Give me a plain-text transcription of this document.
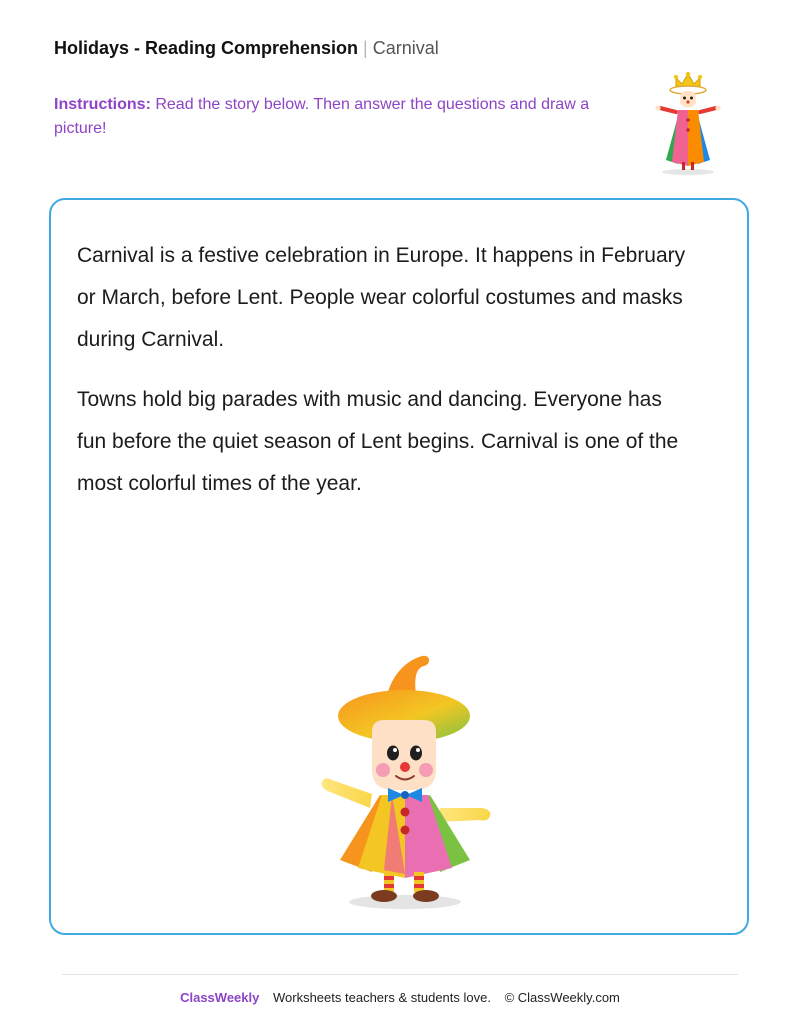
Holidays - Reading Comprehension | Carnival
Instructions: Read the story below. Then answer the questions and draw a picture!

Carnival is a festive celebration in Europe. It happens in February or March, before Lent. People wear colorful costumes and masks during Carnival.

Towns hold big parades with music and dancing. Everyone has fun before the quiet season of Lent begins. Carnival is one of the most colorful times of the year.

ClassWeekly Worksheets teachers & students love. © ClassWeekly.com
